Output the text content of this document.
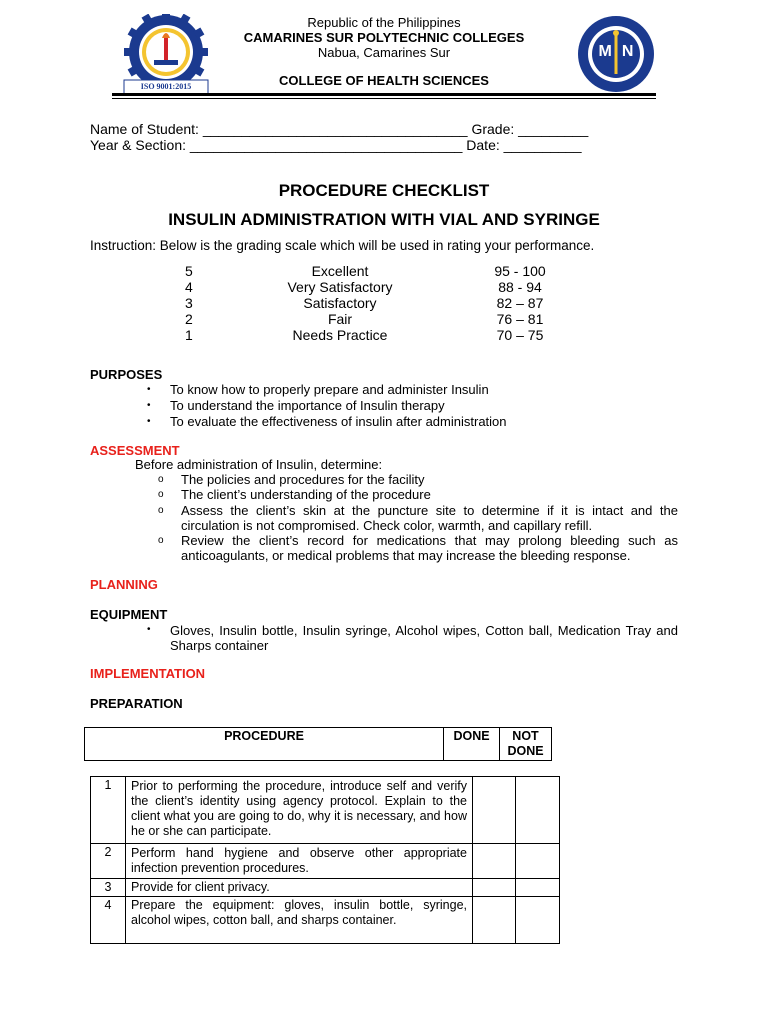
ISO 9001:2015
MN
Republic of the Philippines
CAMARINES SUR POLYTECHNIC COLLEGES
Nabua, Camarines Sur
COLLEGE OF HEALTH SCIENCES
Name of Student: __________________________________ Grade: _________
Year & Section: ___________________________________ Date: __________
PROCEDURE CHECKLIST
INSULIN ADMINISTRATION WITH VIAL AND SYRINGE
Instruction: Below is the grading scale which will be used in rating your performance.
5	Excellent	95 - 100
4	Very Satisfactory	88 - 94
3	Satisfactory	82 – 87
2	Fair	76 – 81
1	Needs Practice	70 – 75
PURPOSES
• To know how to properly prepare and administer Insulin
• To understand the importance of Insulin therapy
• To evaluate the effectiveness of insulin after administration
ASSESSMENT
Before administration of Insulin, determine:
o The policies and procedures for the facility
o The client’s understanding of the procedure
o Assess the client’s skin at the puncture site to determine if it is intact and the circulation is not compromised. Check color, warmth, and capillary refill.
o Review the client’s record for medications that may prolong bleeding such as anticoagulants, or medical problems that may increase the bleeding response.
PLANNING
EQUIPMENT
• Gloves, Insulin bottle, Insulin syringe, Alcohol wipes, Cotton ball, Medication Tray and Sharps container
IMPLEMENTATION
PREPARATION
PROCEDURE	DONE	NOT
DONE
1	Prior to performing the procedure, introduce self and verify the client’s identity using agency protocol. Explain to the client what you are going to do, why it is necessary, and how he or she can participate.		
2	Perform hand hygiene and observe other appropriate infection prevention procedures.		
3	Provide for client privacy.		
4	Prepare the equipment: gloves, insulin bottle, syringe, alcohol wipes, cotton ball, and sharps container.		
